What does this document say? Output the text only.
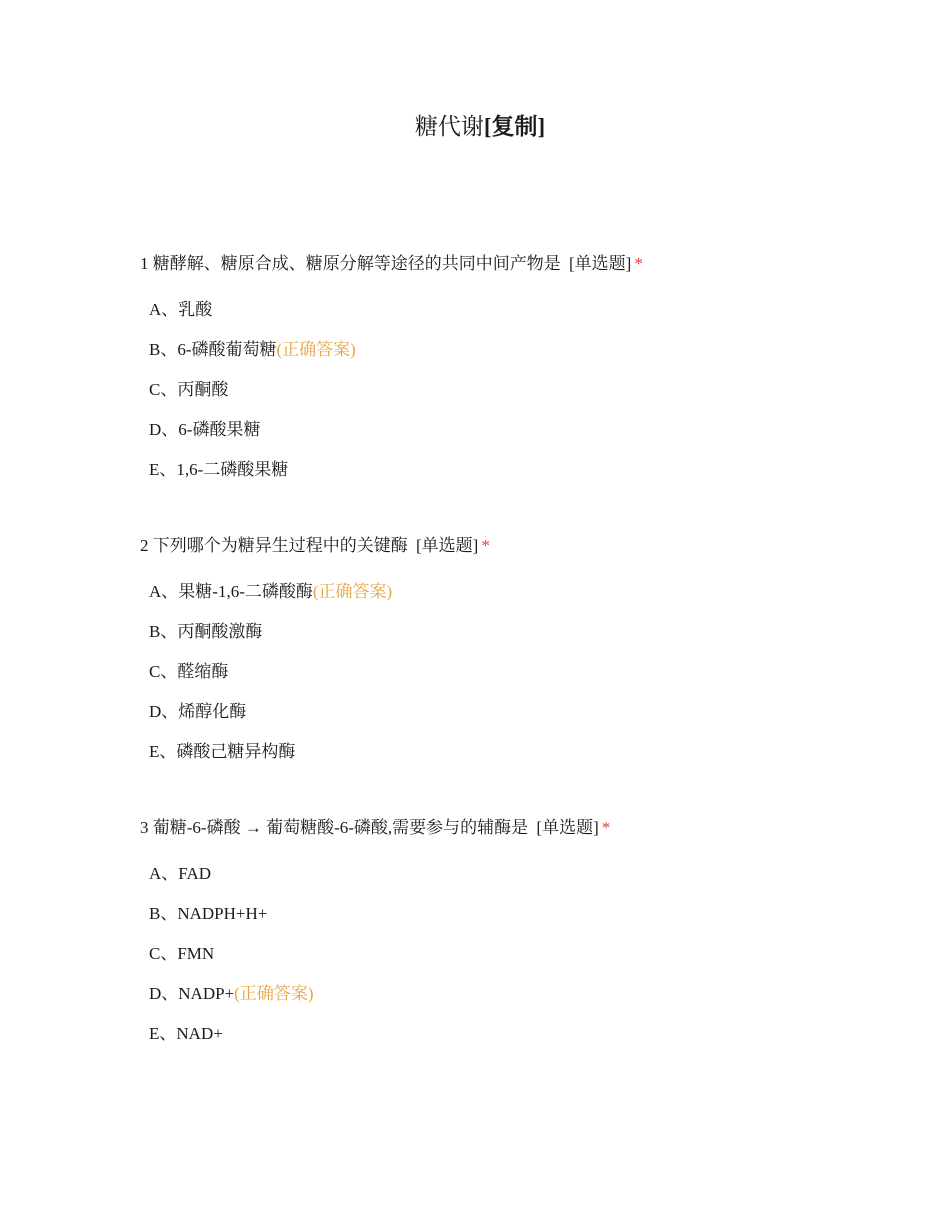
糖代谢[复制]

1 糖酵解、糖原合成、糖原分解等途径的共同中间产物是 [单选题] *

A、乳酸
B、6-磷酸葡萄糖(正确答案)
C、丙酮酸
D、6-磷酸果糖
E、1,6-二磷酸果糖

2 下列哪个为糖异生过程中的关键酶 [单选题] *

A、果糖-1,6-二磷酸酶(正确答案)
B、丙酮酸激酶
C、醛缩酶
D、烯醇化酶
E、磷酸己糖异构酶

3 葡糖-6-磷酸 → 葡萄糖酸-6-磷酸,需要参与的辅酶是 [单选题] *

A、FAD
B、NADPH+H+
C、FMN
D、NADP+(正确答案)
E、NAD+
